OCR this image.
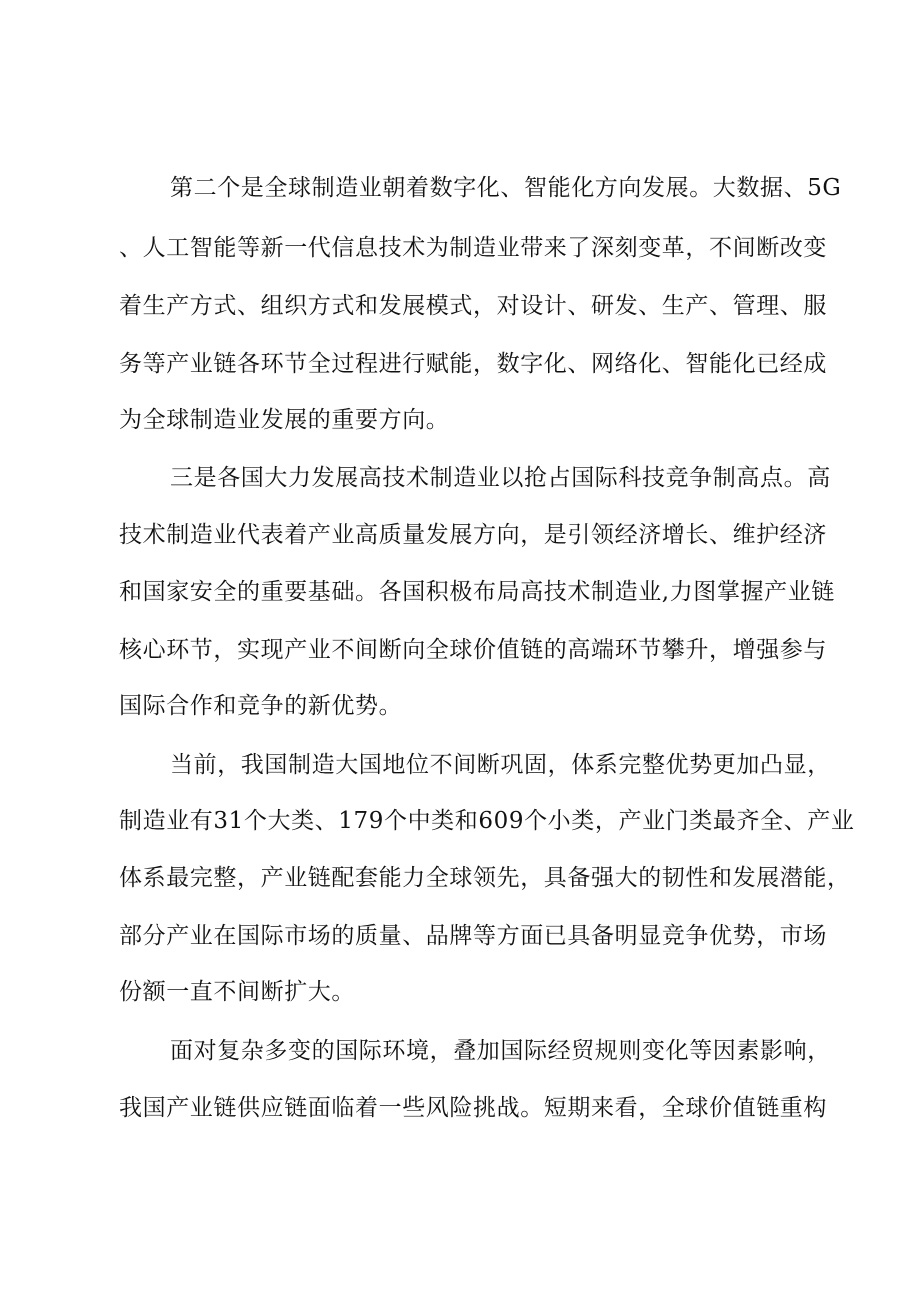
第二个是全球制造业朝着数字化、智能化方向发展。大数据、5G
、人工智能等新一代信息技术为制造业带来了深刻变革，不间断改变
着生产方式、组织方式和发展模式，对设计、研发、生产、管理、服
务等产业链各环节全过程进行赋能，数字化、网络化、智能化已经成
为全球制造业发展的重要方向。
三是各国大力发展高技术制造业以抢占国际科技竞争制高点。高
技术制造业代表着产业高质量发展方向，是引领经济增长、维护经济
和国家安全的重要基础。各国积极布局高技术制造业,力图掌握产业链
核心环节，实现产业不间断向全球价值链的高端环节攀升，增强参与
国际合作和竞争的新优势。
当前，我国制造大国地位不间断巩固，体系完整优势更加凸显，
制造业有31个大类、179个中类和609个小类，产业门类最齐全、产业
体系最完整，产业链配套能力全球领先，具备强大的韧性和发展潜能，
部分产业在国际市场的质量、品牌等方面已具备明显竞争优势，市场
份额一直不间断扩大。
面对复杂多变的国际环境，叠加国际经贸规则变化等因素影响，
我国产业链供应链面临着一些风险挑战。短期来看，全球价值链重构
